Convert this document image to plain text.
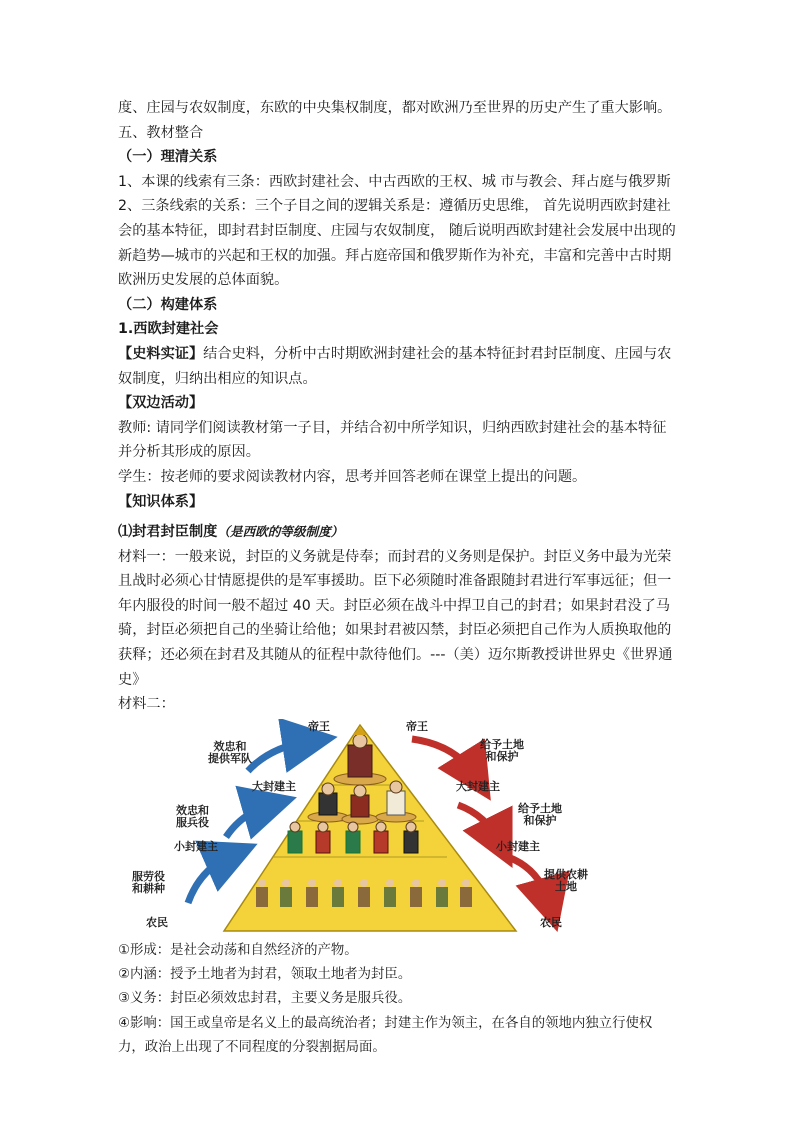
度、庄园与农奴制度，东欧的中央集权制度，都对欧洲乃至世界的历史产生了重大影响。

五、教材整合

（一）理清关系

1、本课的线索有三条：西欧封建社会、中古西欧的王权、城 市与教会、拜占庭与俄罗斯

2、三条线索的关系：三个子目之间的逻辑关系是：遵循历史思维， 首先说明西欧封建社会的基本特征，即封君封臣制度、庄园与农奴制度， 随后说明西欧封建社会发展中出现的新趋势—城市的兴起和王权的加强。拜占庭帝国和俄罗斯作为补充，丰富和完善中古时期欧洲历史发展的总体面貌。

（二）构建体系

1.西欧封建社会

【史料实证】结合史料，分析中古时期欧洲封建社会的基本特征封君封臣制度、庄园与农奴制度，归纳出相应的知识点。

【双边活动】

教师: 请同学们阅读教材第一子目，并结合初中所学知识，归纳西欧封建社会的基本特征并分析其形成的原因。

学生：按老师的要求阅读教材内容，思考并回答老师在课堂上提出的问题。

【知识体系】

⑴封君封臣制度（是西欧的等级制度）

材料一：一般来说，封臣的义务就是侍奉；而封君的义务则是保护。封臣义务中最为光荣且战时必须心甘情愿提供的是军事援助。臣下必须随时准备跟随封君进行军事远征；但一年内服役的时间一般不超过 40 天。封臣必须在战斗中捍卫自己的封君；如果封君没了马骑，封臣必须把自己的坐骑让给他；如果封君被囚禁，封臣必须把自己作为人质换取他的获释；还必须在封君及其随从的征程中款待他们。---（美）迈尔斯教授讲世界史《世界通史》

材料二：

帝王
效忠和
提供军队
大封建主
效忠和
服兵役
小封建主
服劳役
和耕种
农民
帝王
给予土地
和保护
大封建主
给予土地
和保护
小封建主
提供农耕
土地
农民

①形成：是社会动荡和自然经济的产物。

②内涵：授予土地者为封君，领取土地者为封臣。

③义务：封臣必须效忠封君，主要义务是服兵役。

④影响：国王或皇帝是名义上的最高统治者；封建主作为领主，在各自的领地内独立行使权力，政治上出现了不同程度的分裂割据局面。
